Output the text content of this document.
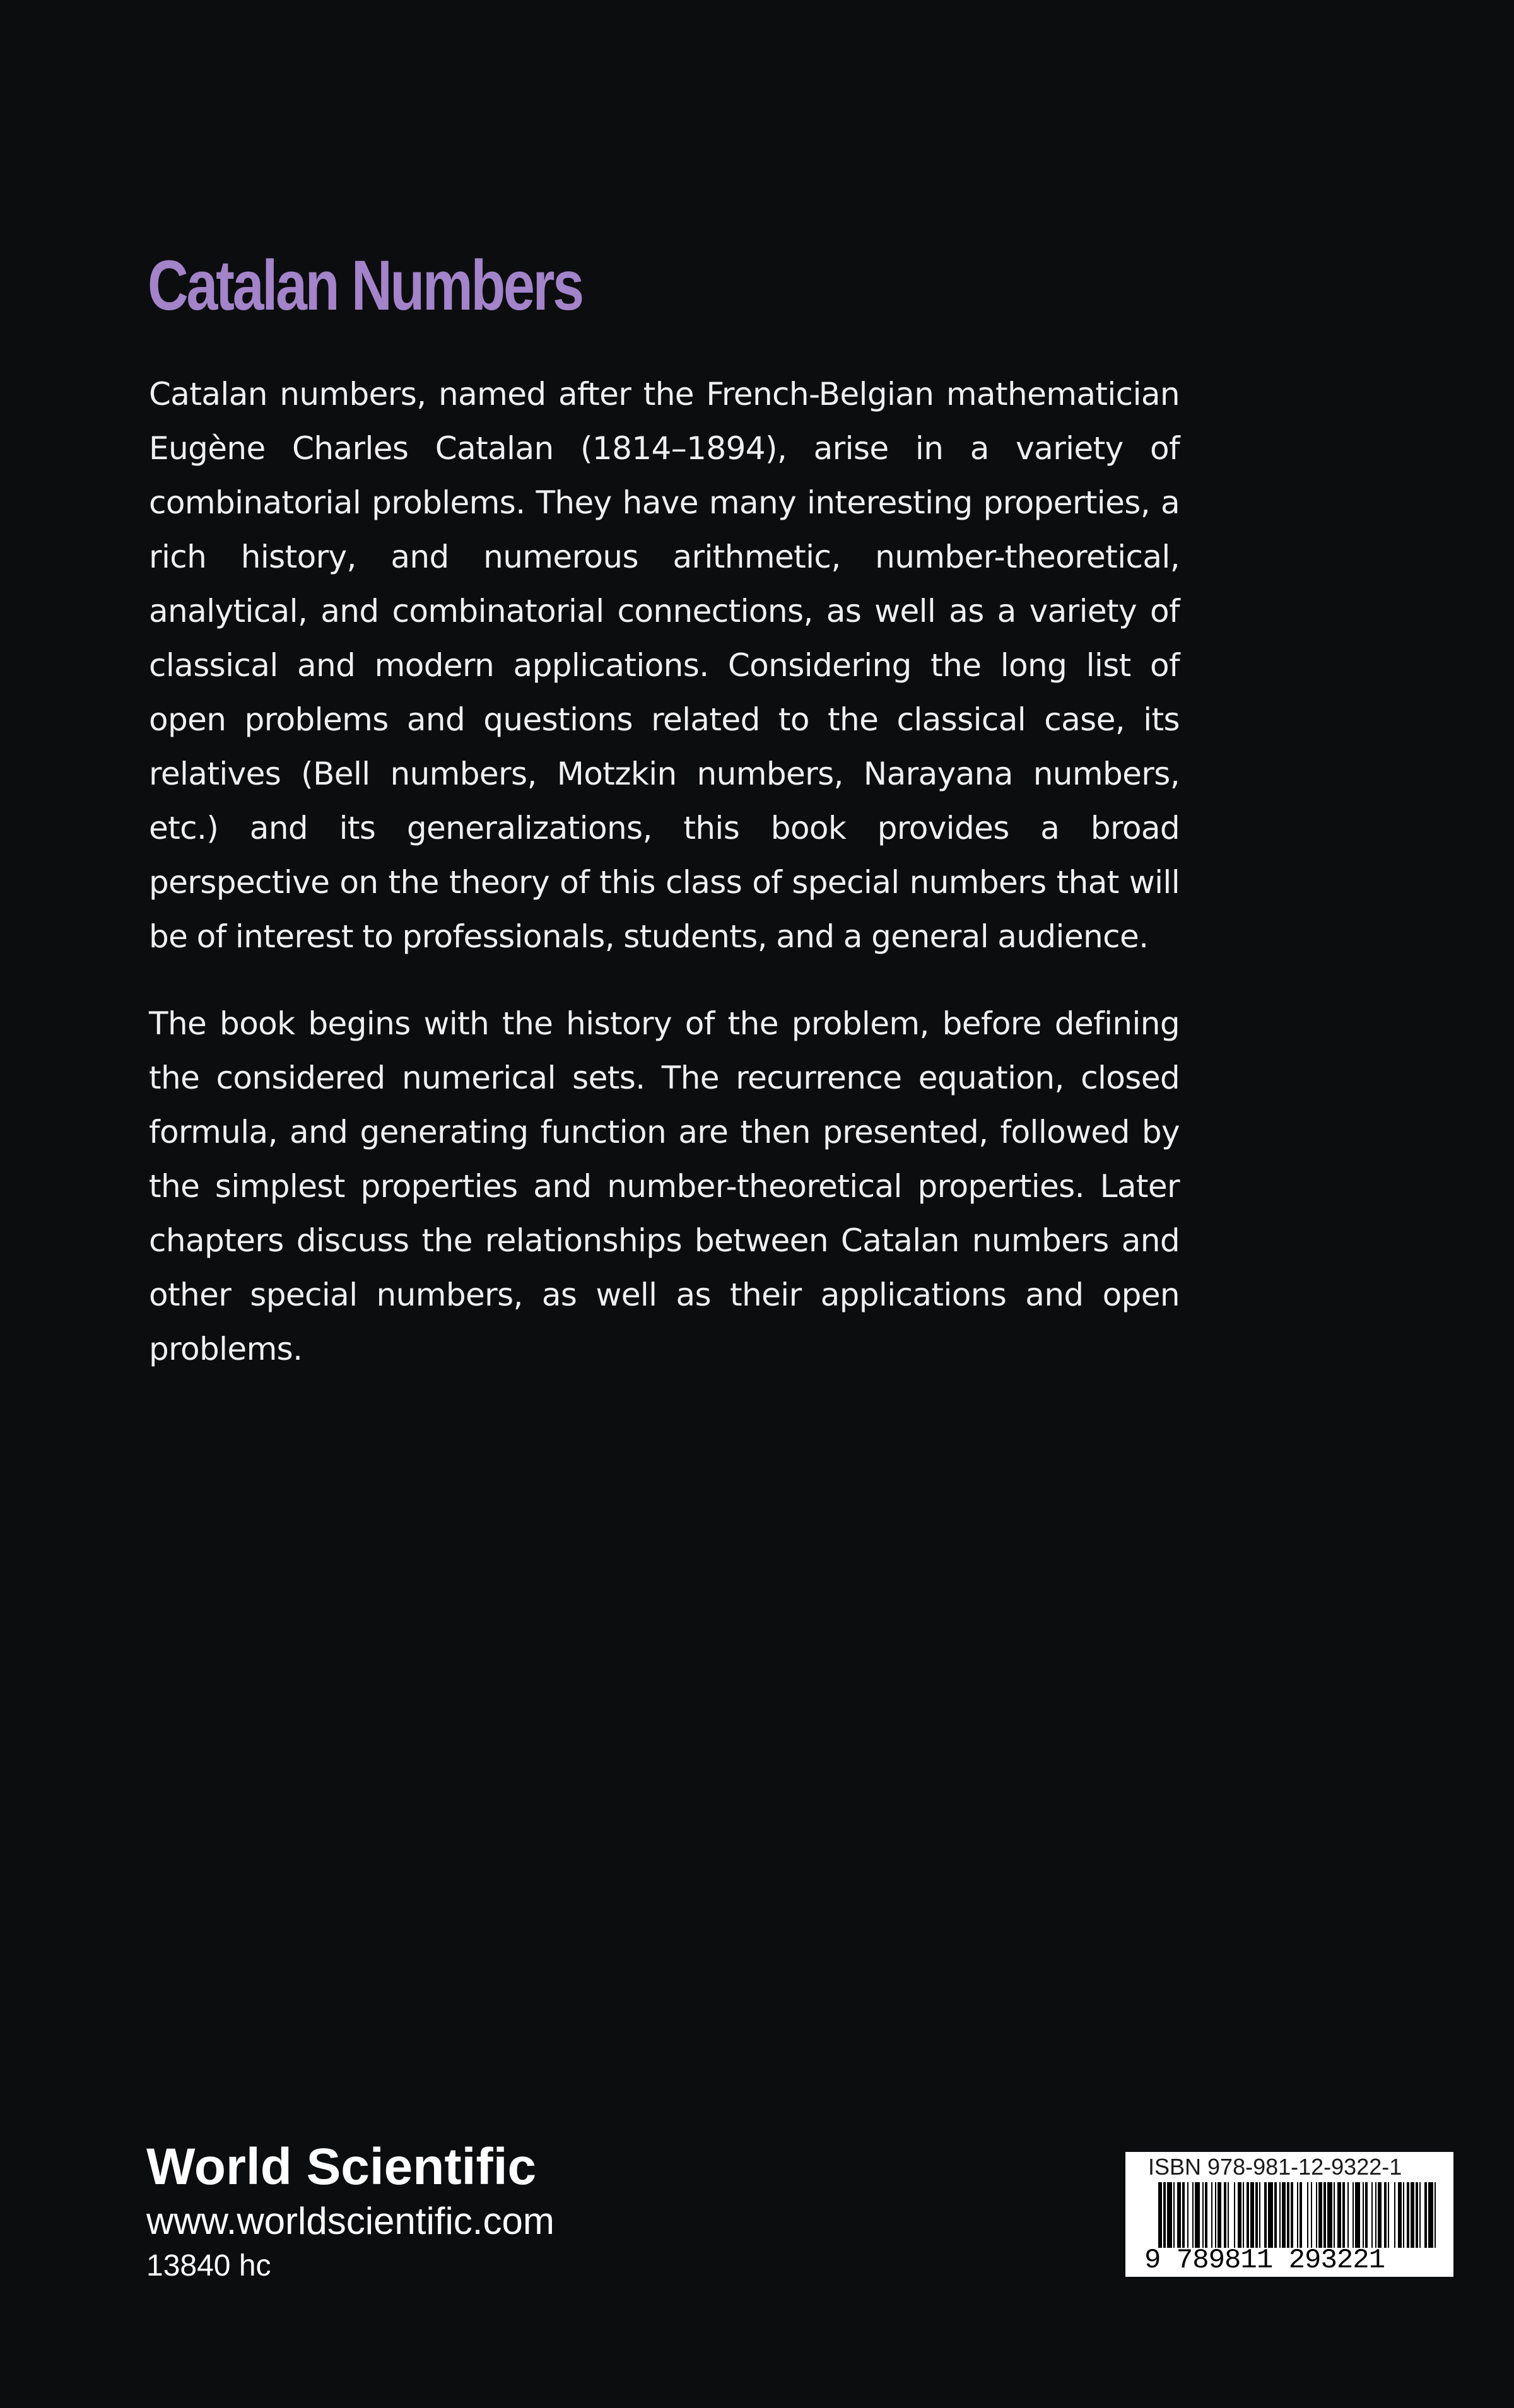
Catalan Numbers

Catalan numbers, named after the French-Belgian mathematician Eugène Charles Catalan (1814–1894), arise in a variety of combinatorial problems. They have many interesting properties, a rich history, and numerous arithmetic, number-theoretical, analytical, and combinatorial connections, as well as a variety of classical and modern applications. Considering the long list of open problems and questions related to the classical case, its relatives (Bell numbers, Motzkin numbers, Narayana numbers, etc.) and its generalizations, this book provides a broad perspective on the theory of this class of special numbers that will be of interest to professionals, students, and a general audience.

The book begins with the history of the problem, before defining the considered numerical sets. The recurrence equation, closed formula, and generating function are then presented, followed by the simplest properties and number-theoretical properties. Later chapters discuss the relationships between Catalan numbers and other special numbers, as well as their applications and open problems.

World Scientific

www.worldscientific.com

13840 hc

ISBN 978-981-12-9322-1

9 789811 293221
